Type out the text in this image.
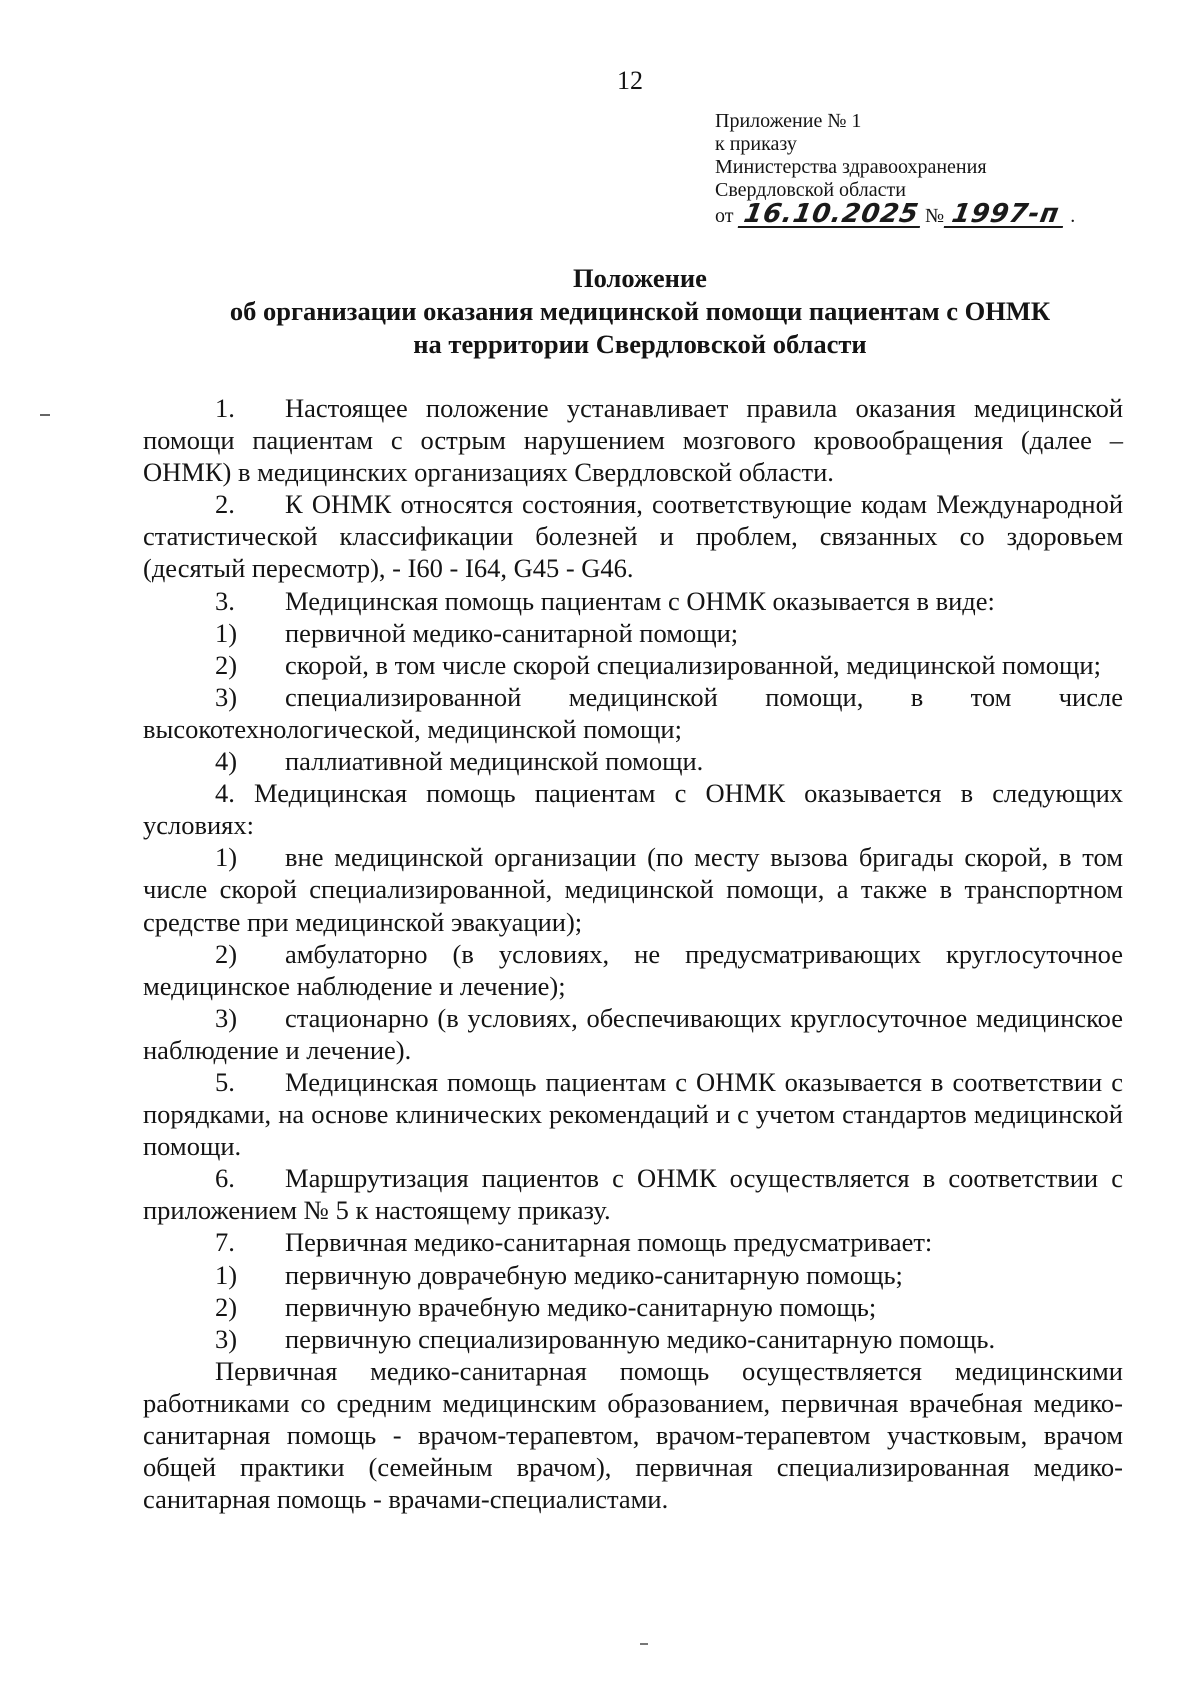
12
Приложение № 1
к приказу
Министерства здравоохранения
Свердловской области
от 16.10.2025 № 1997-п .
Положение
об организации оказания медицинской помощи пациентам с ОНМК
на территории Свердловской области
1. Настоящее положение устанавливает правила оказания медицинской помощи пациентам с острым нарушением мозгового кровообращения (далее – ОНМК) в медицинских организациях Свердловской области.
2. К ОНМК относятся состояния, соответствующие кодам Международной статистической классификации болезней и проблем, связанных со здоровьем (десятый пересмотр), - I60 - I64, G45 - G46.
3. Медицинская помощь пациентам с ОНМК оказывается в виде:
1) первичной медико-санитарной помощи;
2) скорой, в том числе скорой специализированной, медицинской помощи;
3) специализированной медицинской помощи, в том числе высокотехнологической, медицинской помощи;
4) паллиативной медицинской помощи.
4. Медицинская помощь пациентам с ОНМК оказывается в следующих условиях:
1) вне медицинской организации (по месту вызова бригады скорой, в том числе скорой специализированной, медицинской помощи, а также в транспортном средстве при медицинской эвакуации);
2) амбулаторно (в условиях, не предусматривающих круглосуточное медицинское наблюдение и лечение);
3) стационарно (в условиях, обеспечивающих круглосуточное медицинское наблюдение и лечение).
5. Медицинская помощь пациентам с ОНМК оказывается в соответствии с порядками, на основе клинических рекомендаций и с учетом стандартов медицинской помощи.
6. Маршрутизация пациентов с ОНМК осуществляется в соответствии с приложением № 5 к настоящему приказу.
7. Первичная медико-санитарная помощь предусматривает:
1) первичную доврачебную медико-санитарную помощь;
2) первичную врачебную медико-санитарную помощь;
3) первичную специализированную медико-санитарную помощь.
Первичная медико-санитарная помощь осуществляется медицинскими работниками со средним медицинским образованием, первичная врачебная медико-санитарная помощь - врачом-терапевтом, врачом-терапевтом участковым, врачом общей практики (семейным врачом), первичная специализированная медико-санитарная помощь - врачами-специалистами.
